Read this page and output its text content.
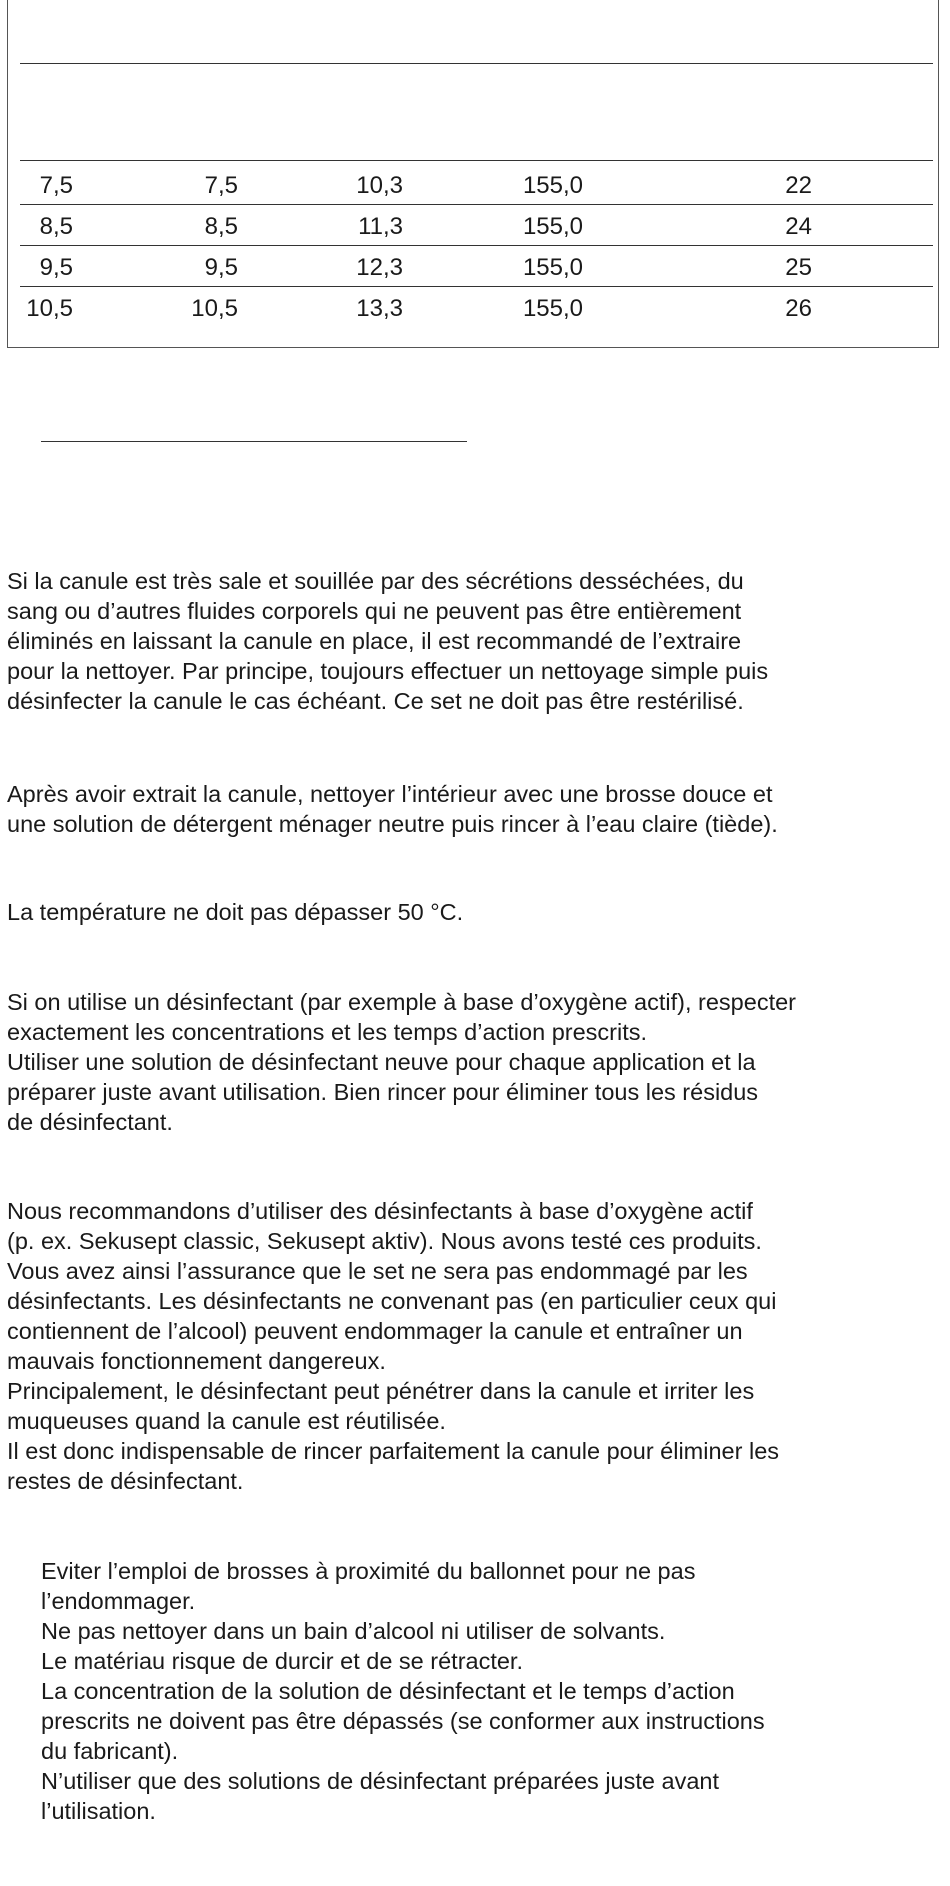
7,5	7,5	10,3	155,0	22
8,5	8,5	11,3	155,0	24
9,5	9,5	12,3	155,0	25
10,5	10,5	13,3	155,0	26
Si la canule est très sale et souillée par des sécrétions desséchées, du
sang ou d’autres fluides corporels qui ne peuvent pas être entièrement
éliminés en laissant la canule en place, il est recommandé de l’extraire
pour la nettoyer. Par principe, toujours effectuer un nettoyage simple puis
désinfecter la canule le cas échéant. Ce set ne doit pas être restérilisé.
Après avoir extrait la canule, nettoyer l’intérieur avec une brosse douce et
une solution de détergent ménager neutre puis rincer à l’eau claire (tiède).
La température ne doit pas dépasser 50 °C.
Si on utilise un désinfectant (par exemple à base d’oxygène actif), respecter
exactement les concentrations et les temps d’action prescrits.
Utiliser une solution de désinfectant neuve pour chaque application et la
préparer juste avant utilisation. Bien rincer pour éliminer tous les résidus
de désinfectant.
Nous recommandons d’utiliser des désinfectants à base d’oxygène actif
(p. ex. Sekusept classic, Sekusept aktiv). Nous avons testé ces produits.
Vous avez ainsi l’assurance que le set ne sera pas endommagé par les
désinfectants. Les désinfectants ne convenant pas (en particulier ceux qui
contiennent de l’alcool) peuvent endommager la canule et entraîner un
mauvais fonctionnement dangereux.
Principalement, le désinfectant peut pénétrer dans la canule et irriter les
muqueuses quand la canule est réutilisée.
Il est donc indispensable de rincer parfaitement la canule pour éliminer les
restes de désinfectant.
Eviter l’emploi de brosses à proximité du ballonnet pour ne pas
l’endommager.
Ne pas nettoyer dans un bain d’alcool ni utiliser de solvants.
Le matériau risque de durcir et de se rétracter.
La concentration de la solution de désinfectant et le temps d’action
prescrits ne doivent pas être dépassés (se conformer aux instructions
du fabricant).
N’utiliser que des solutions de désinfectant préparées juste avant
l’utilisation.
